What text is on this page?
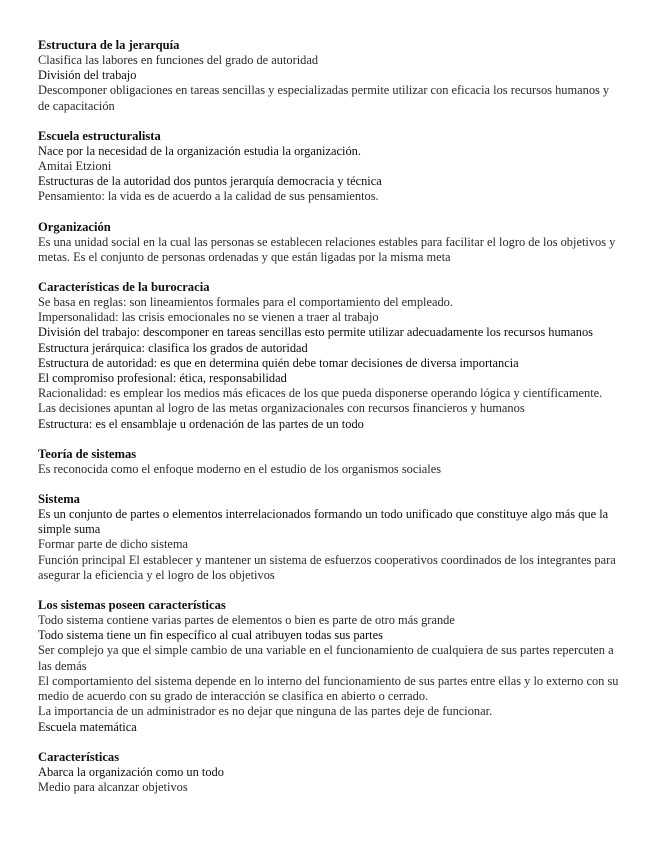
Estructura de la jerarquía

Clasifica las labores en funciones del grado de autoridad

División del trabajo

Descomponer obligaciones en tareas sencillas y especializadas permite utilizar con eficacia los recursos humanos y de capacitación

Escuela estructuralista

Nace por la necesidad de la organización estudia la organización.

Amitai Etzioni

Estructuras de la autoridad dos puntos jerarquía democracia y técnica

Pensamiento: la vida es de acuerdo a la calidad de sus pensamientos.

Organización

Es una unidad social en la cual las personas se establecen relaciones estables para facilitar el logro de los objetivos y metas. Es el conjunto de personas ordenadas y que están ligadas por la misma meta

Características de la burocracia

Se basa en reglas: son lineamientos formales para el comportamiento del empleado.

Impersonalidad: las crisis emocionales no se vienen a traer al trabajo

División del trabajo: descomponer en tareas sencillas esto permite utilizar adecuadamente los recursos humanos

Estructura jerárquica: clasifica los grados de autoridad

Estructura de autoridad: es que en determina quién debe tomar decisiones de diversa importancia

El compromiso profesional: ética, responsabilidad

Racionalidad: es emplear los medios más eficaces de los que pueda disponerse operando lógica y científicamente. Las decisiones apuntan al logro de las metas organizacionales con recursos financieros y humanos

Estructura: es el ensamblaje u ordenación de las partes de un todo

Teoría de sistemas

Es reconocida como el enfoque moderno en el estudio de los organismos sociales

Sistema

Es un conjunto de partes o elementos interrelacionados formando un todo unificado que constituye algo más que la simple suma

Formar parte de dicho sistema

Función principal El establecer y mantener un sistema de esfuerzos cooperativos coordinados de los integrantes para asegurar la eficiencia y el logro de los objetivos

Los sistemas poseen características

Todo sistema contiene varias partes de elementos o bien es parte de otro más grande

Todo sistema tiene un fin específico al cual atribuyen todas sus partes

Ser complejo ya que el simple cambio de una variable en el funcionamiento de cualquiera de sus partes repercuten a las demás

El comportamiento del sistema depende en lo interno del funcionamiento de sus partes entre ellas y lo externo con su medio de acuerdo con su grado de interacción se clasifica en abierto o cerrado.

La importancia de un administrador es no dejar que ninguna de las partes deje de funcionar.

Escuela matemática

Características

Abarca la organización como un todo

Medio para alcanzar objetivos
